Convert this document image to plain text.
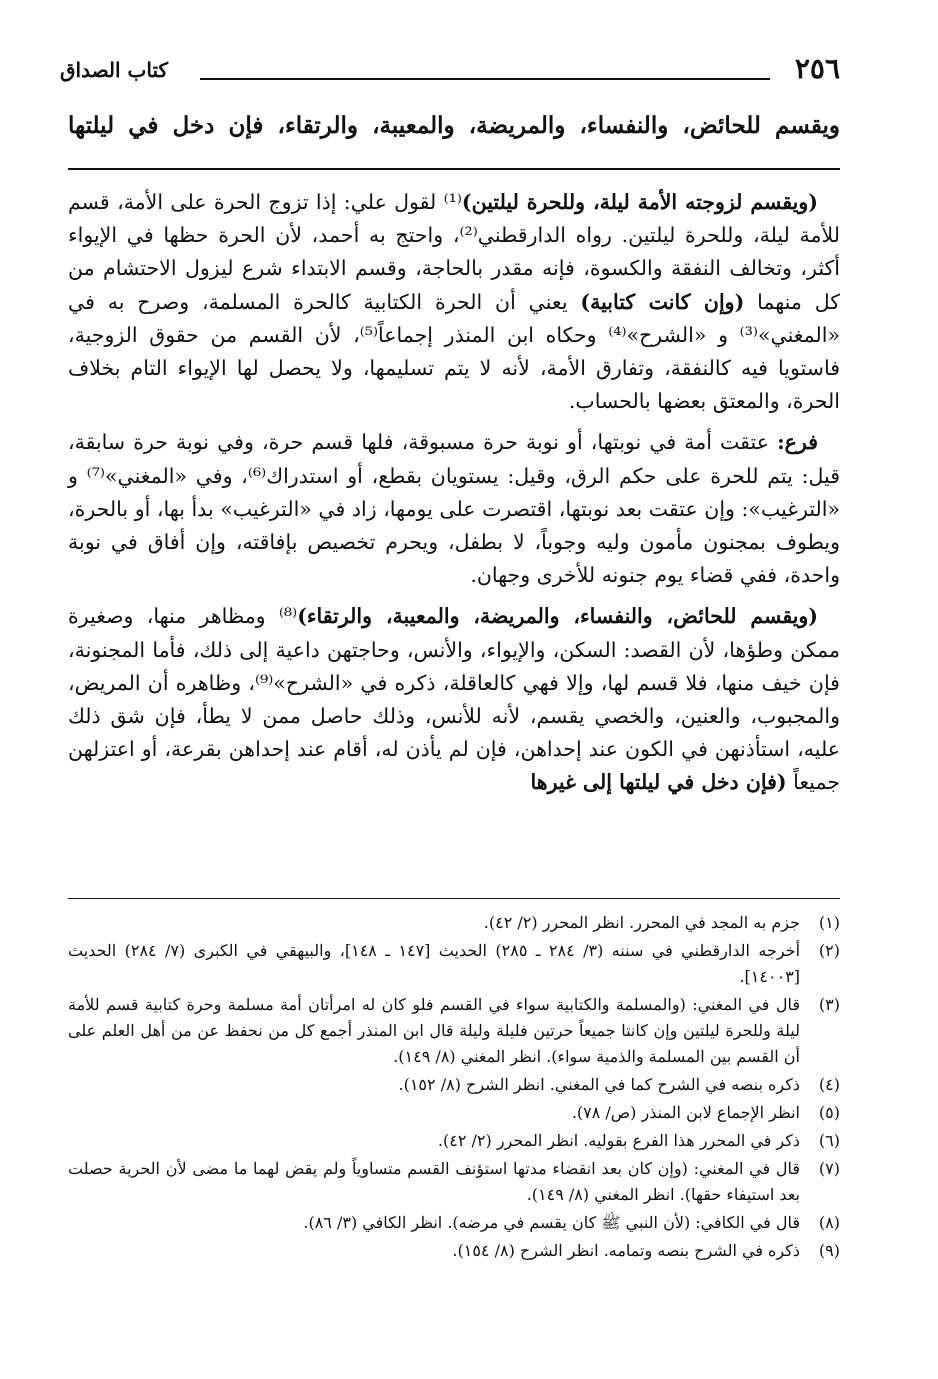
٢٥٦
كتاب الصداق
ويقسم للحائض، والنفساء، والمريضة، والمعيبة، والرتقاء، فإن دخل في ليلتها

(ويقسم لزوجته الأمة ليلة، وللحرة ليلتين)⁽¹⁾ لقول علي: إذا تزوج الحرة على الأمة، قسم للأمة ليلة، وللحرة ليلتين. رواه الدارقطني⁽²⁾، واحتج به أحمد، لأن الحرة حظها في الإيواء أكثر، وتخالف النفقة والكسوة، فإنه مقدر بالحاجة، وقسم الابتداء شرع ليزول الاحتشام من كل منهما (وإن كانت كتابية) يعني أن الحرة الكتابية كالحرة المسلمة، وصرح به في «المغني»⁽³⁾ و «الشرح»⁽⁴⁾ وحكاه ابن المنذر إجماعاً⁽⁵⁾، لأن القسم من حقوق الزوجية، فاستويا فيه كالنفقة، وتفارق الأمة، لأنه لا يتم تسليمها، ولا يحصل لها الإيواء التام بخلاف الحرة، والمعتق بعضها بالحساب.

فرع: عتقت أمة في نوبتها، أو نوبة حرة مسبوقة، فلها قسم حرة، وفي نوبة حرة سابقة، قيل: يتم للحرة على حكم الرق، وقيل: يستويان بقطع، أو استدراك⁽⁶⁾، وفي «المغني»⁽⁷⁾ و «الترغيب»: وإن عتقت بعد نوبتها، اقتصرت على يومها، زاد في «الترغيب» بدأ بها، أو بالحرة، ويطوف بمجنون مأمون وليه وجوباً، لا بطفل، ويحرم تخصيص بإفاقته، وإن أفاق في نوبة واحدة، ففي قضاء يوم جنونه للأخرى وجهان.

(ويقسم للحائض، والنفساء، والمريضة، والمعيبة، والرتقاء)⁽⁸⁾ ومظاهر منها، وصغيرة ممكن وطؤها، لأن القصد: السكن، والإيواء، والأنس، وحاجتهن داعية إلى ذلك، فأما المجنونة، فإن خيف منها، فلا قسم لها، وإلا فهي كالعاقلة، ذكره في «الشرح»⁽⁹⁾، وظاهره أن المريض، والمجبوب، والعنين، والخصي يقسم، لأنه للأنس، وذلك حاصل ممن لا يطأ، فإن شق ذلك عليه، استأذنهن في الكون عند إحداهن، فإن لم يأذن له، أقام عند إحداهن بقرعة، أو اعتزلهن جميعاً (فإن دخل في ليلتها إلى غيرها

(١)
جزم به المجد في المحرر. انظر المحرر (٢/ ٤٢).
(٢)
أخرجه الدارقطني في سننه (٣/ ٢٨٤ ـ ٢٨٥) الحديث [١٤٧ ـ ١٤٨]، والبيهقي في الكبرى (٧/ ٢٨٤) الحديث [١٤٠٠٣].
(٣)
قال في المغني: (والمسلمة والكتابية سواء في القسم فلو كان له امرأتان أمة مسلمة وحرة كتابية قسم للأمة ليلة وللحرة ليلتين وإن كانتا جميعاً حرتين فليلة وليلة قال ابن المنذر أجمع كل من نحفظ عن من أهل العلم على أن القسم بين المسلمة والذمية سواء). انظر المغني (٨/ ١٤٩).
(٤)
ذكره بنصه في الشرح كما في المغني. انظر الشرح (٨/ ١٥٢).
(٥)
انظر الإجماع لابن المنذر (ص/ ٧٨).
(٦)
ذكر في المحرر هذا الفرع بقوليه. انظر المحرر (٢/ ٤٢).
(٧)
قال في المغني: (وإن كان بعد انقضاء مدتها استؤنف القسم متساوياً ولم يقض لهما ما مضى لأن الحرية حصلت بعد استيفاء حقها). انظر المغني (٨/ ١٤٩).
(٨)
قال في الكافي: (لأن النبي ﷺ كان يقسم في مرضه). انظر الكافي (٣/ ٨٦).
(٩)
ذكره في الشرح بنصه وتمامه. انظر الشرح (٨/ ١٥٤).
